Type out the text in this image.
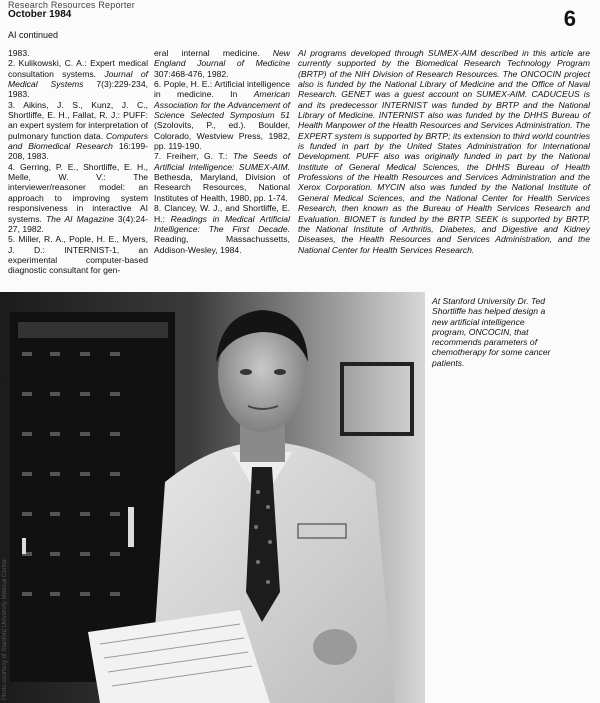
Research Resources Reporter
October 1984	6
AI continued

1983.

2. Kulikowski, C. A.: Expert medical consultation systems. Journal of Medical Systems 7(3):229-234, 1983.

3. Aikins, J. S., Kunz, J. C., Shortliffe, E. H., Fallat, R. J.: PUFF: an expert system for interpretation of pulmonary function data. Computers and Biomedical Research 16:199-208, 1983.

4. Gerring, P. E., Shortliffe, E. H., Melle, W. V.: The interviewer/reasoner model: an approach to improving system responsiveness in interactive AI systems. The AI Magazine 3(4):24-27, 1982.

5. Miller, R. A., Pople, H. E., Myers, J. D.: INTERNIST-1, an experimental computer-based diagnostic consultant for gen-

eral internal medicine. New England Journal of Medicine 307:468-476, 1982.

6. Pople, H. E.: Artificial intelligence in medicine. In American Association for the Advancement of Science Selected Symposium 51 (Szolovits, P., ed.). Boulder, Colorado, Westview Press, 1982, pp. 119-190.

7. Freiherr, G. T.: The Seeds of Artificial Intelligence: SUMEX-AIM. Bethesda, Maryland, Division of Research Resources, National Institutes of Health, 1980, pp. 1-74.

8. Clancey, W. J., and Shortliffe, E. H.: Readings in Medical Artificial Intelligence: The First Decade. Reading, Massachussetts, Addison-Wesley, 1984.

AI programs developed through SUMEX-AIM described in this article are currently supported by the Biomedical Research Technology Program (BRTP) of the NIH Division of Research Resources. The ONCOCIN project also is funded by the National Library of Medicine and the Office of Naval Research. GENET was a guest account on SUMEX-AIM. CADUCEUS is and its predecessor INTERNIST was funded by BRTP and the National Library of Medicine. INTERNIST also was funded by the DHHS Bureau of Health Manpower of the Health Resources and Services Administration. The EXPERT system is supported by BRTP; its extension to third world countries is funded in part by the United States Administration for International Development. PUFF also was originally funded in part by the National Institute of General Medical Sciences, the DHHS Bureau of Health Professions of the Health Resources and Services Administration and the Xerox Corporation. MYCIN also was funded by the National Institute of General Medical Sciences, and the National Center for Health Services Research, then known as the Bureau of Health Services Research and Evaluation. BIONET is funded by the BRTP. SEEK is supported by BRTP, the National Institute of Arthritis, Diabetes, and Digestive and Kidney Diseases, the Health Resources and Services Administration, and the National Center for Health Services Research.

At Stanford University Dr. Ted Shortliffe has helped design a new artificial intelligence program, ONCOCIN, that recommends parameters of chemotherapy for some cancer patients.
Photo courtesy of Stanford University Medical Center
